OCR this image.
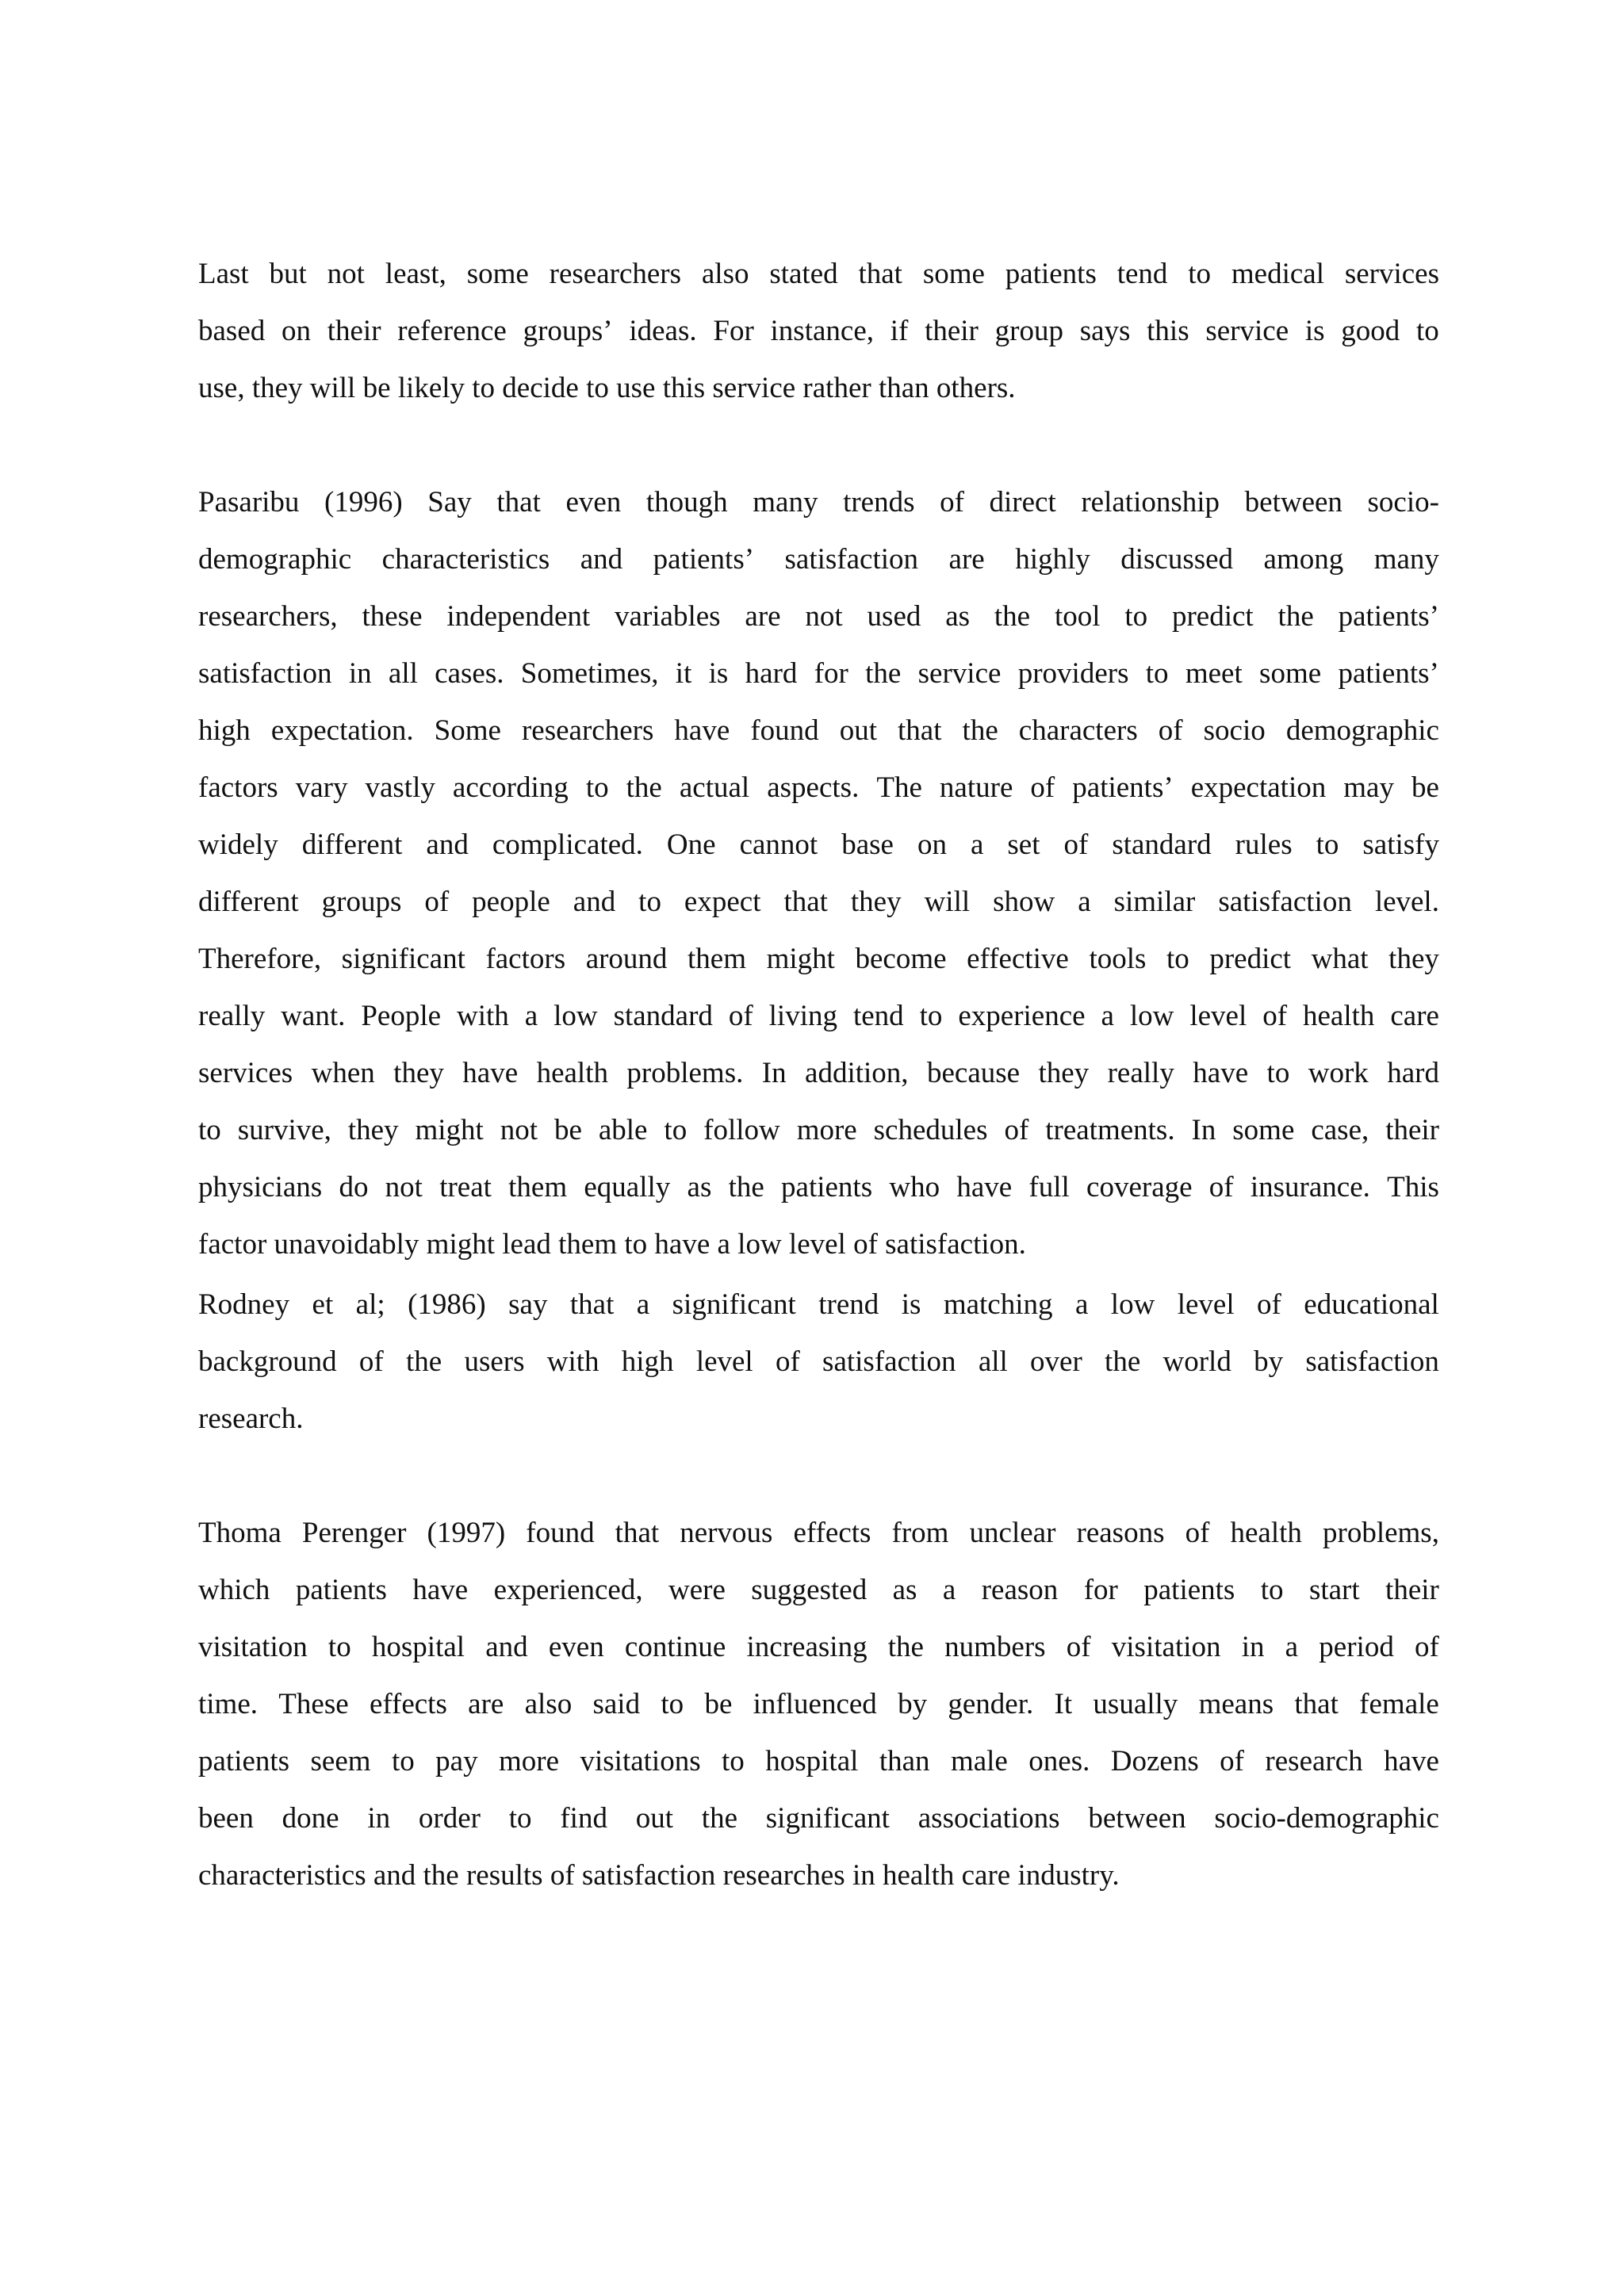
Last but not least, some researchers also stated that some patients tend to medical services
based on their reference groups’ ideas. For instance, if their group says this service is good to
use, they will be likely to decide to use this service rather than others.
Pasaribu (1996) Say that even though many trends of direct relationship between socio-
demographic characteristics and patients’ satisfaction are highly discussed among many
researchers, these independent variables are not used as the tool to predict the patients’
satisfaction in all cases. Sometimes, it is hard for the service providers to meet some patients’
high expectation. Some researchers have found out that the characters of socio demographic
factors vary vastly according to the actual aspects. The nature of patients’ expectation may be
widely different and complicated. One cannot base on a set of standard rules to satisfy
different groups of people and to expect that they will show a similar satisfaction level.
Therefore, significant factors around them might become effective tools to predict what they
really want. People with a low standard of living tend to experience a low level of health care
services when they have health problems. In addition, because they really have to work hard
to survive, they might not be able to follow more schedules of treatments. In some case, their
physicians do not treat them equally as the patients who have full coverage of insurance. This
factor unavoidably might lead them to have a low level of satisfaction.
Rodney et al; (1986) say that a significant trend is matching a low level of educational
background of the users with high level of satisfaction all over the world by satisfaction
research.
Thoma Perenger (1997) found that nervous effects from unclear reasons of health problems,
which patients have experienced, were suggested as a reason for patients to start their
visitation to hospital and even continue increasing the numbers of visitation in a period of
time. These effects are also said to be influenced by gender. It usually means that female
patients seem to pay more visitations to hospital than male ones. Dozens of research have
been done in order to find out the significant associations between socio-demographic
characteristics and the results of satisfaction researches in health care industry.
